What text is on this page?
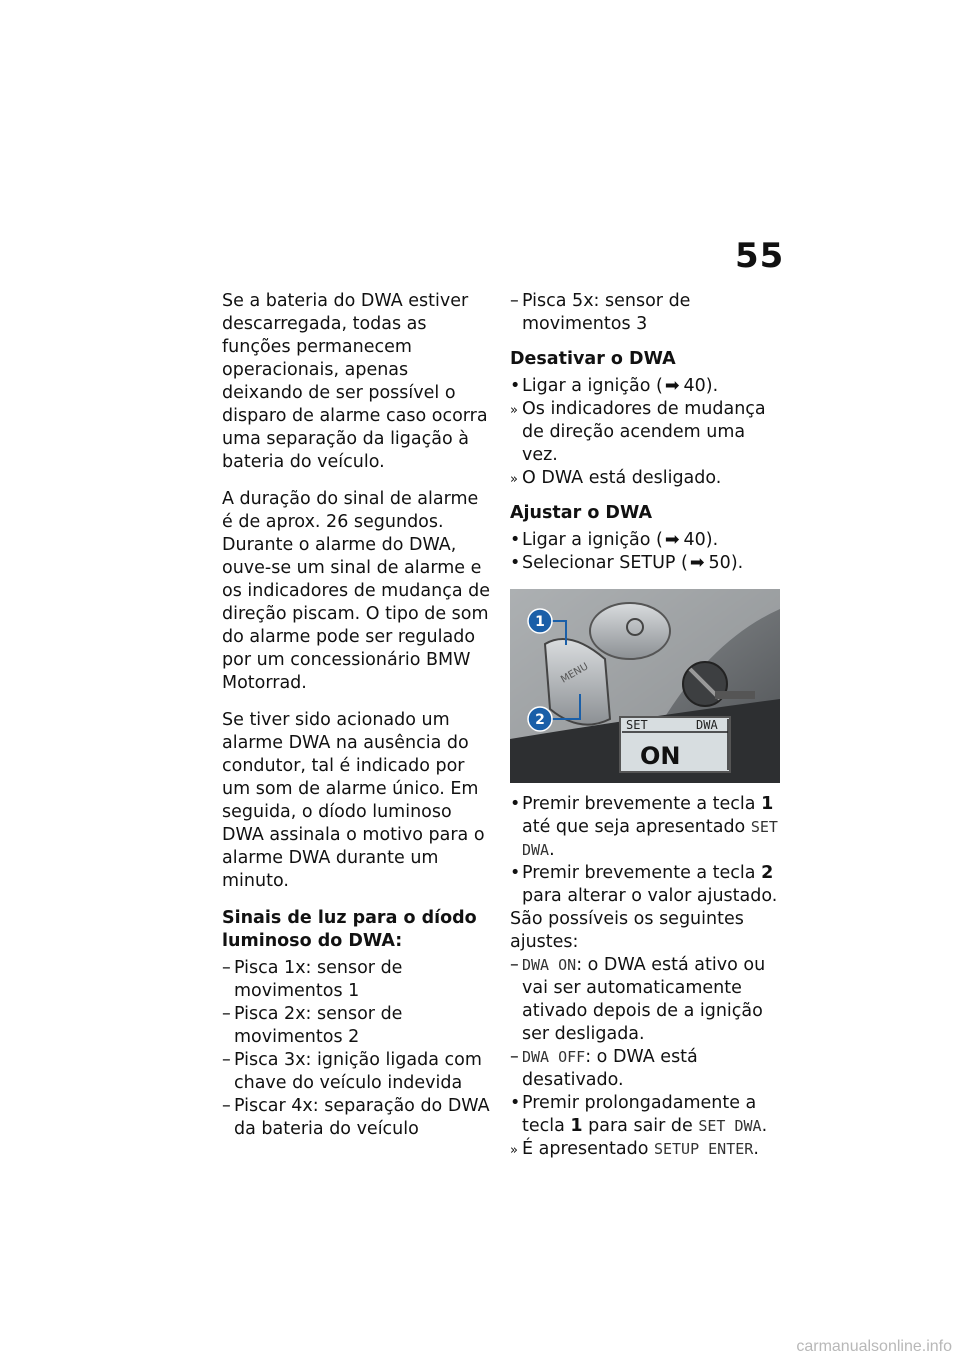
55

Se a bateria do DWA estiver descarregada, todas as funções permanecem operacionais, apenas deixando de ser possível o disparo de alarme caso ocorra uma separação da ligação à bateria do veículo.

A duração do sinal de alarme é de aprox. 26 segundos. Durante o alarme do DWA, ouve-se um sinal de alarme e os indicadores de mudança de direção piscam. O tipo de som do alarme pode ser regulado por um concessionário BMW Motorrad.

Se tiver sido acionado um alarme DWA na ausência do condutor, tal é indicado por um som de alarme único. Em seguida, o díodo luminoso DWA assinala o motivo para o alarme DWA durante um minuto.

Sinais de luz para o díodo luminoso do DWA:
–
Pisca 1x: sensor de movimentos 1
–
Pisca 2x: sensor de movimentos 2
–
Pisca 3x: ignição ligada com chave do veículo indevida
–
Piscar 4x: separação do DWA da bateria do veículo
–
Pisca 5x: sensor de movimentos 3
Desativar o DWA
• Ligar a ignição ( ➡ 40).
»
Os indicadores de mudança de direção acendem uma vez.
»
O DWA está desligado.
Ajustar o DWA
• Ligar a ignição ( ➡ 40).
• Selecionar SETUP ( ➡ 50).
MENU
SET	DWA
ON
1
2
• Premir brevemente a tecla 1 até que seja apresentado SET DWA.
• Premir brevemente a tecla 2 para alterar o valor ajustado.
São possíveis os seguintes ajustes:
–
DWA ON: o DWA está ativo ou vai ser automaticamente ativado depois de a ignição ser desligada.
–
DWA OFF: o DWA está desativado.
• Premir prolongadamente a tecla 1 para sair de SET DWA.
»
É apresentado SETUP ENTER.
carmanualsonline.info
